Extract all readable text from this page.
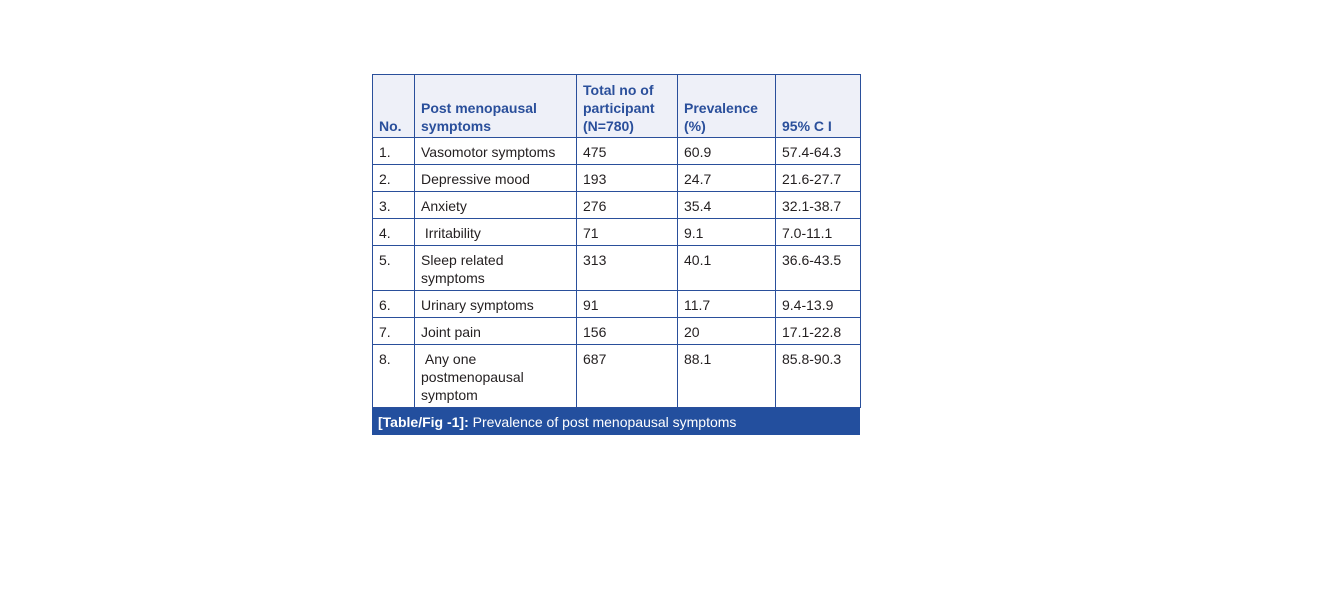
No.	Post menopausal symptoms	Total no of participant (N=780)	Prevalence (%)	95% C I
1.	Vasomotor symptoms	475	60.9	57.4-64.3
2.	Depressive mood	193	24.7	21.6-27.7
3.	Anxiety	276	35.4	32.1-38.7
4.	Irritability	71	9.1	7.0-11.1
5.	Sleep related symptoms	313	40.1	36.6-43.5
6.	Urinary symptoms	91	11.7	9.4-13.9
7.	Joint pain	156	20	17.1-22.8
8.	Any one postmenopausal symptom	687	88.1	85.8-90.3
[Table/Fig -1]: Prevalence of post menopausal symptoms
